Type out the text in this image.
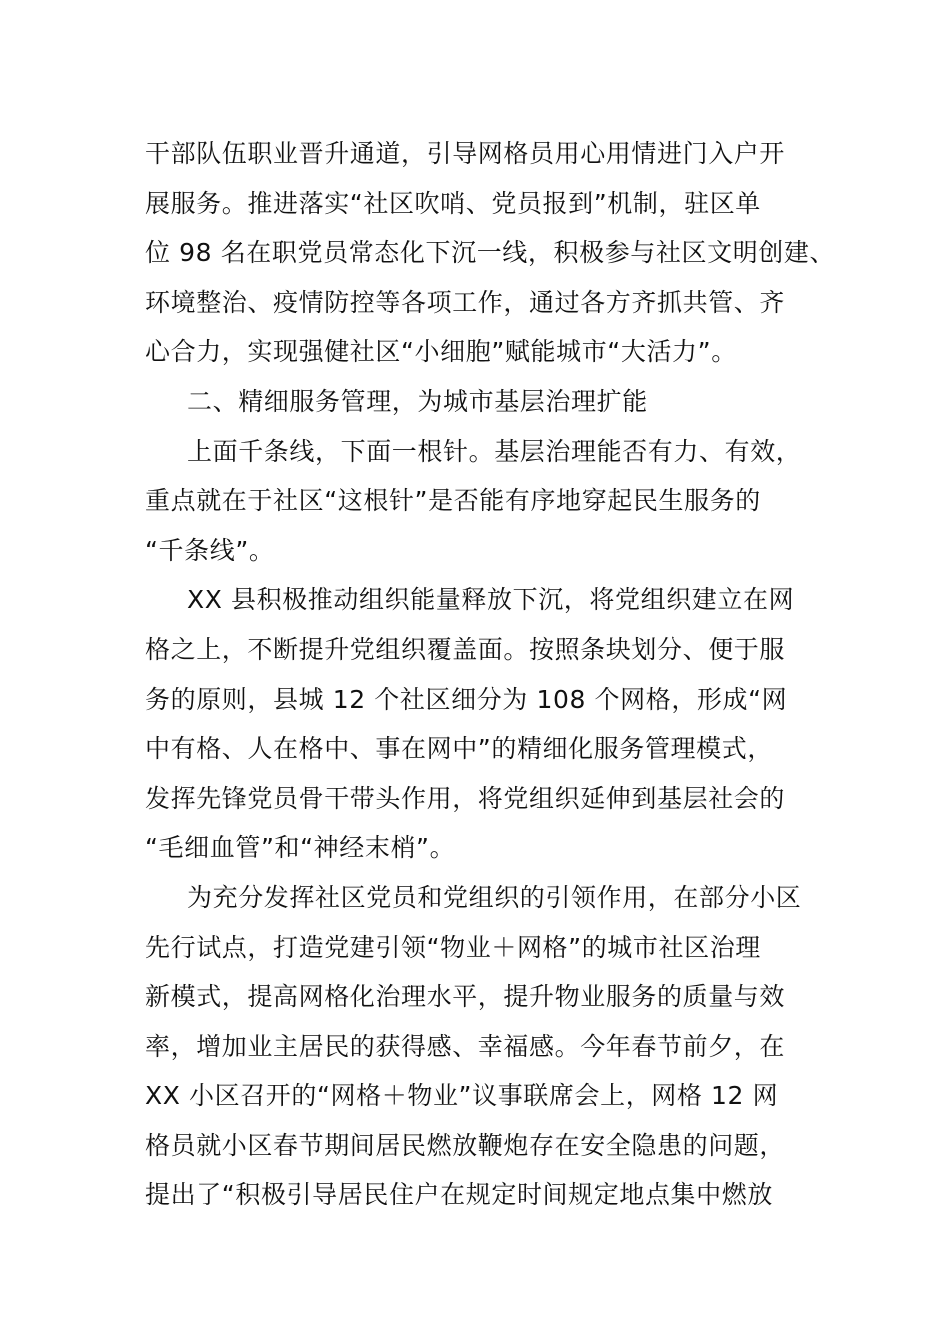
干部队伍职业晋升通道，引导网格员用心用情进门入户开
展服务。推进落实“社区吹哨、党员报到”机制，驻区单
位 98 名在职党员常态化下沉一线，积极参与社区文明创建、
环境整治、疫情防控等各项工作，通过各方齐抓共管、齐
心合力，实现强健社区“小细胞”赋能城市“大活力”。
二、精细服务管理，为城市基层治理扩能
上面千条线，下面一根针。基层治理能否有力、有效，
重点就在于社区“这根针”是否能有序地穿起民生服务的
“千条线”。
XX 县积极推动组织能量释放下沉，将党组织建立在网
格之上，不断提升党组织覆盖面。按照条块划分、便于服
务的原则，县城 12 个社区细分为 108 个网格，形成“网
中有格、人在格中、事在网中”的精细化服务管理模式，
发挥先锋党员骨干带头作用，将党组织延伸到基层社会的
“毛细血管”和“神经末梢”。
为充分发挥社区党员和党组织的引领作用，在部分小区
先行试点，打造党建引领“物业＋网格”的城市社区治理
新模式，提高网格化治理水平，提升物业服务的质量与效
率，增加业主居民的获得感、幸福感。今年春节前夕，在
XX 小区召开的“网格＋物业”议事联席会上，网格 12 网
格员就小区春节期间居民燃放鞭炮存在安全隐患的问题，
提出了“积极引导居民住户在规定时间规定地点集中燃放
